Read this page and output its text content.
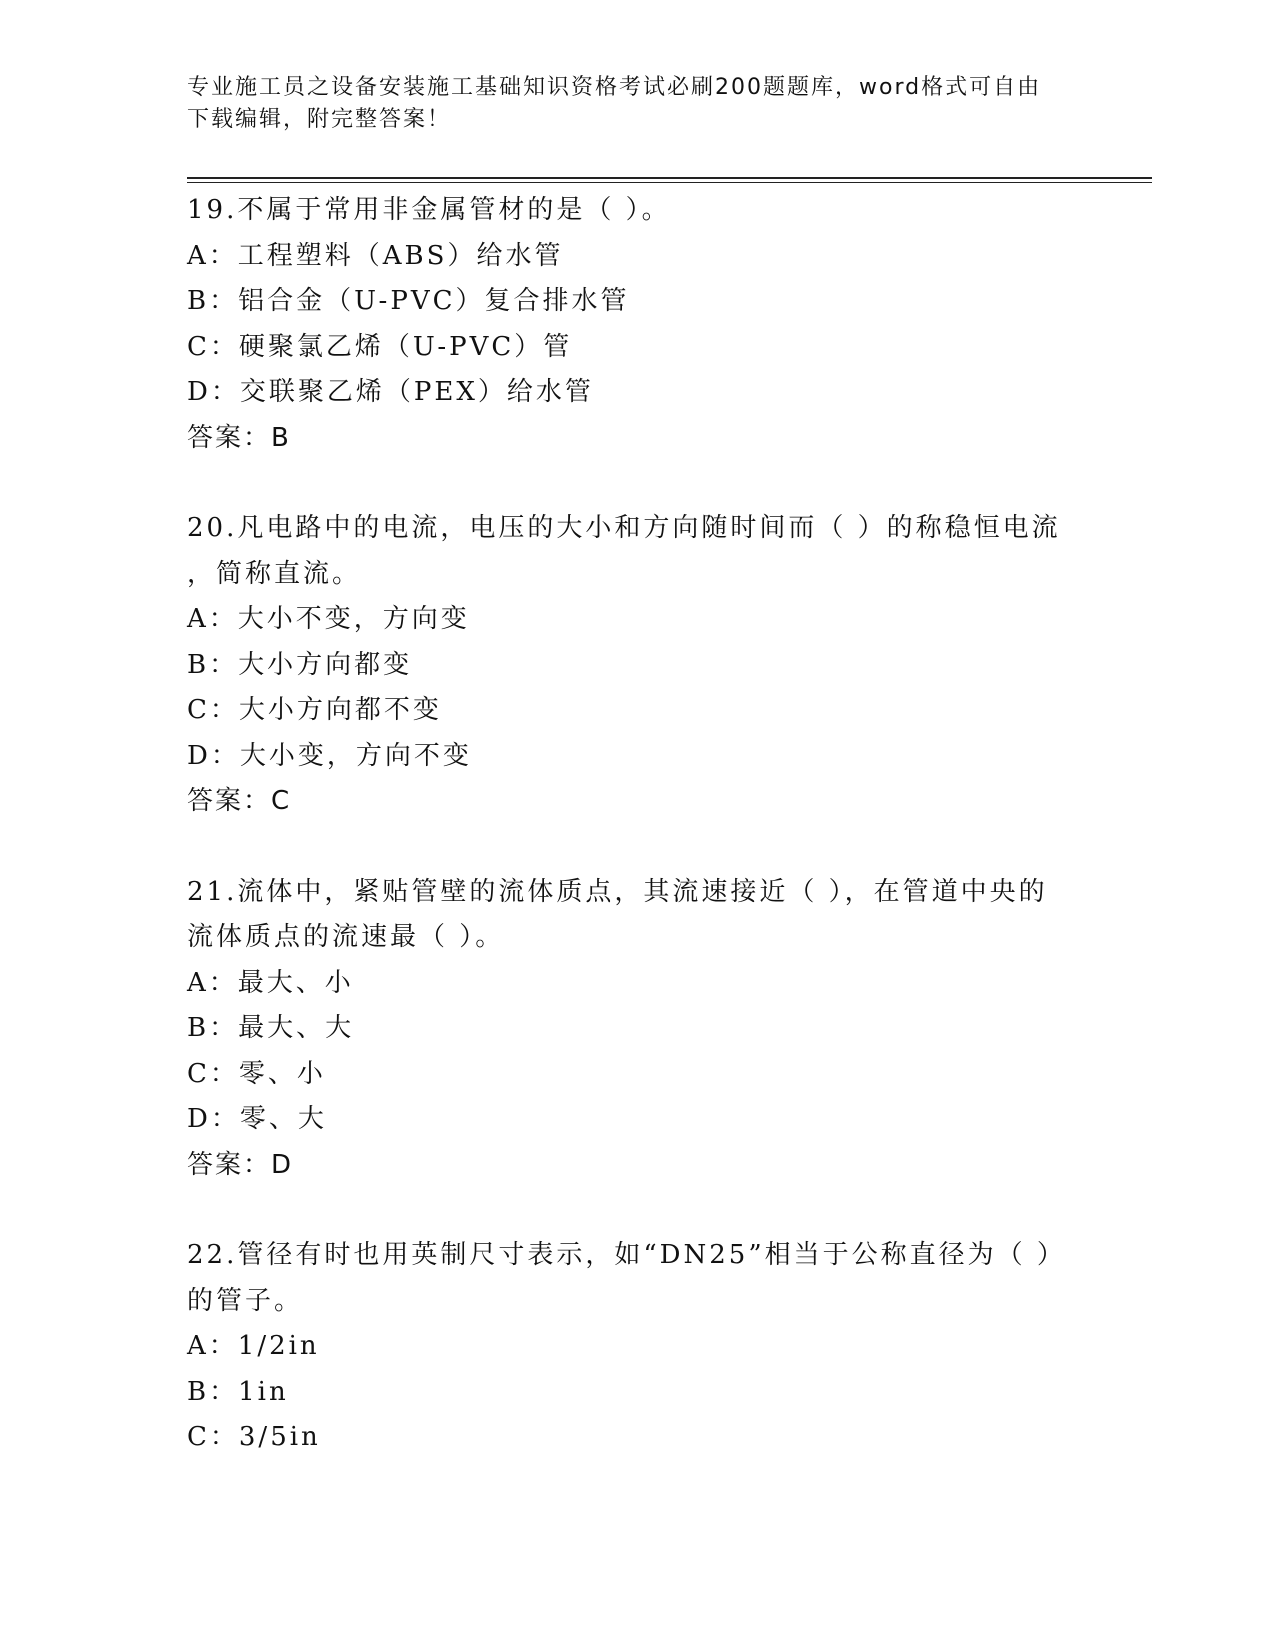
专业施工员之设备安装施工基础知识资格考试必刷200题题库，word格式可自由
下载编辑，附完整答案！
19.不属于常用非金属管材的是（ ）。
A：工程塑料（ABS）给水管
B：铝合金（U-PVC）复合排水管
C：硬聚氯乙烯（U-PVC）管
D：交联聚乙烯（PEX）给水管
答案：B
20.凡电路中的电流，电压的大小和方向随时间而（ ）的称稳恒电流
，简称直流。
A：大小不变，方向变
B：大小方向都变
C：大小方向都不变
D：大小变，方向不变
答案：C
21.流体中，紧贴管壁的流体质点，其流速接近（ ），在管道中央的
流体质点的流速最（ ）。
A：最大、小
B：最大、大
C：零、小
D：零、大
答案：D
22.管径有时也用英制尺寸表示，如“DN25”相当于公称直径为（ ）
的管子。
A：1/2in
B：1in
C：3/5in
